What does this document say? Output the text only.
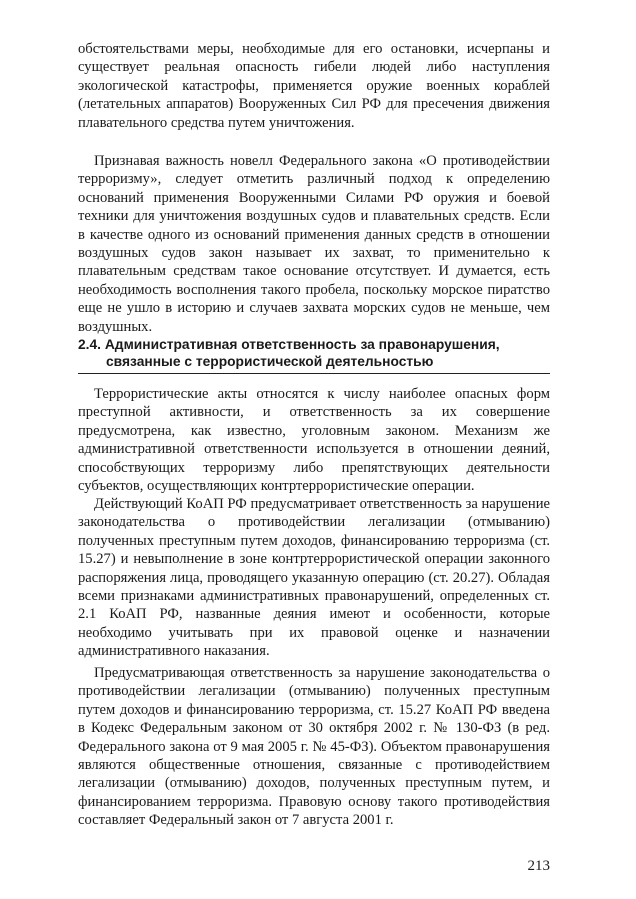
обстоятельствами меры, необходимые для его остановки, исчерпаны и существует реальная опасность гибели людей либо наступления экологической катастрофы, применяется оружие военных кораблей (летательных аппаратов) Вооруженных Сил РФ для пресечения движения плавательного средства путем уничтожения.

Признавая важность новелл Федерального закона «О противодействии терроризму», следует отметить различный подход к определению оснований применения Вооруженными Силами РФ оружия и боевой техники для уничтожения воздушных судов и плавательных средств. Если в качестве одного из оснований применения данных средств в отношении воздушных судов закон называет их захват, то применительно к плавательным средствам такое основание отсутствует. И думается, есть необходимость восполнения такого пробела, поскольку морское пиратство еще не ушло в историю и случаев захвата морских судов не меньше, чем воздушных.

2.4. Административная ответственность за правонарушения,
связанные с террористической деятельностью

Террористические акты относятся к числу наиболее опасных форм преступной активности, и ответственность за их совершение предусмотрена, как известно, уголовным законом. Механизм же административной ответственности используется в отношении деяний, способствующих терроризму либо препятствующих деятельности субъектов, осуществляющих контртеррористические операции.

Действующий КоАП РФ предусматривает ответственность за нарушение законодательства о противодействии легализации (отмыванию) полученных преступным путем доходов, финансированию терроризма (ст. 15.27) и невыполнение в зоне контртеррористической операции законного распоряжения лица, проводящего указанную операцию (ст. 20.27). Обладая всеми признаками административных правонарушений, определенных ст. 2.1 КоАП РФ, названные деяния имеют и особенности, которые необходимо учитывать при их правовой оценке и назначении административного наказания.

Предусматривающая ответственность за нарушение законодательства о противодействии легализации (отмыванию) полученных преступным путем доходов и финансированию терроризма, ст. 15.27 КоАП РФ введена в Кодекс Федеральным законом от 30 октября 2002 г. № 130-ФЗ (в ред. Федерального закона от 9 мая 2005 г. № 45-ФЗ). Объектом правонарушения являются общественные отношения, связанные с противодействием легализации (отмыванию) доходов, полученных преступным путем, и финансированием терроризма. Правовую основу такого противодействия составляет Федеральный закон от 7 августа 2001 г.

213
